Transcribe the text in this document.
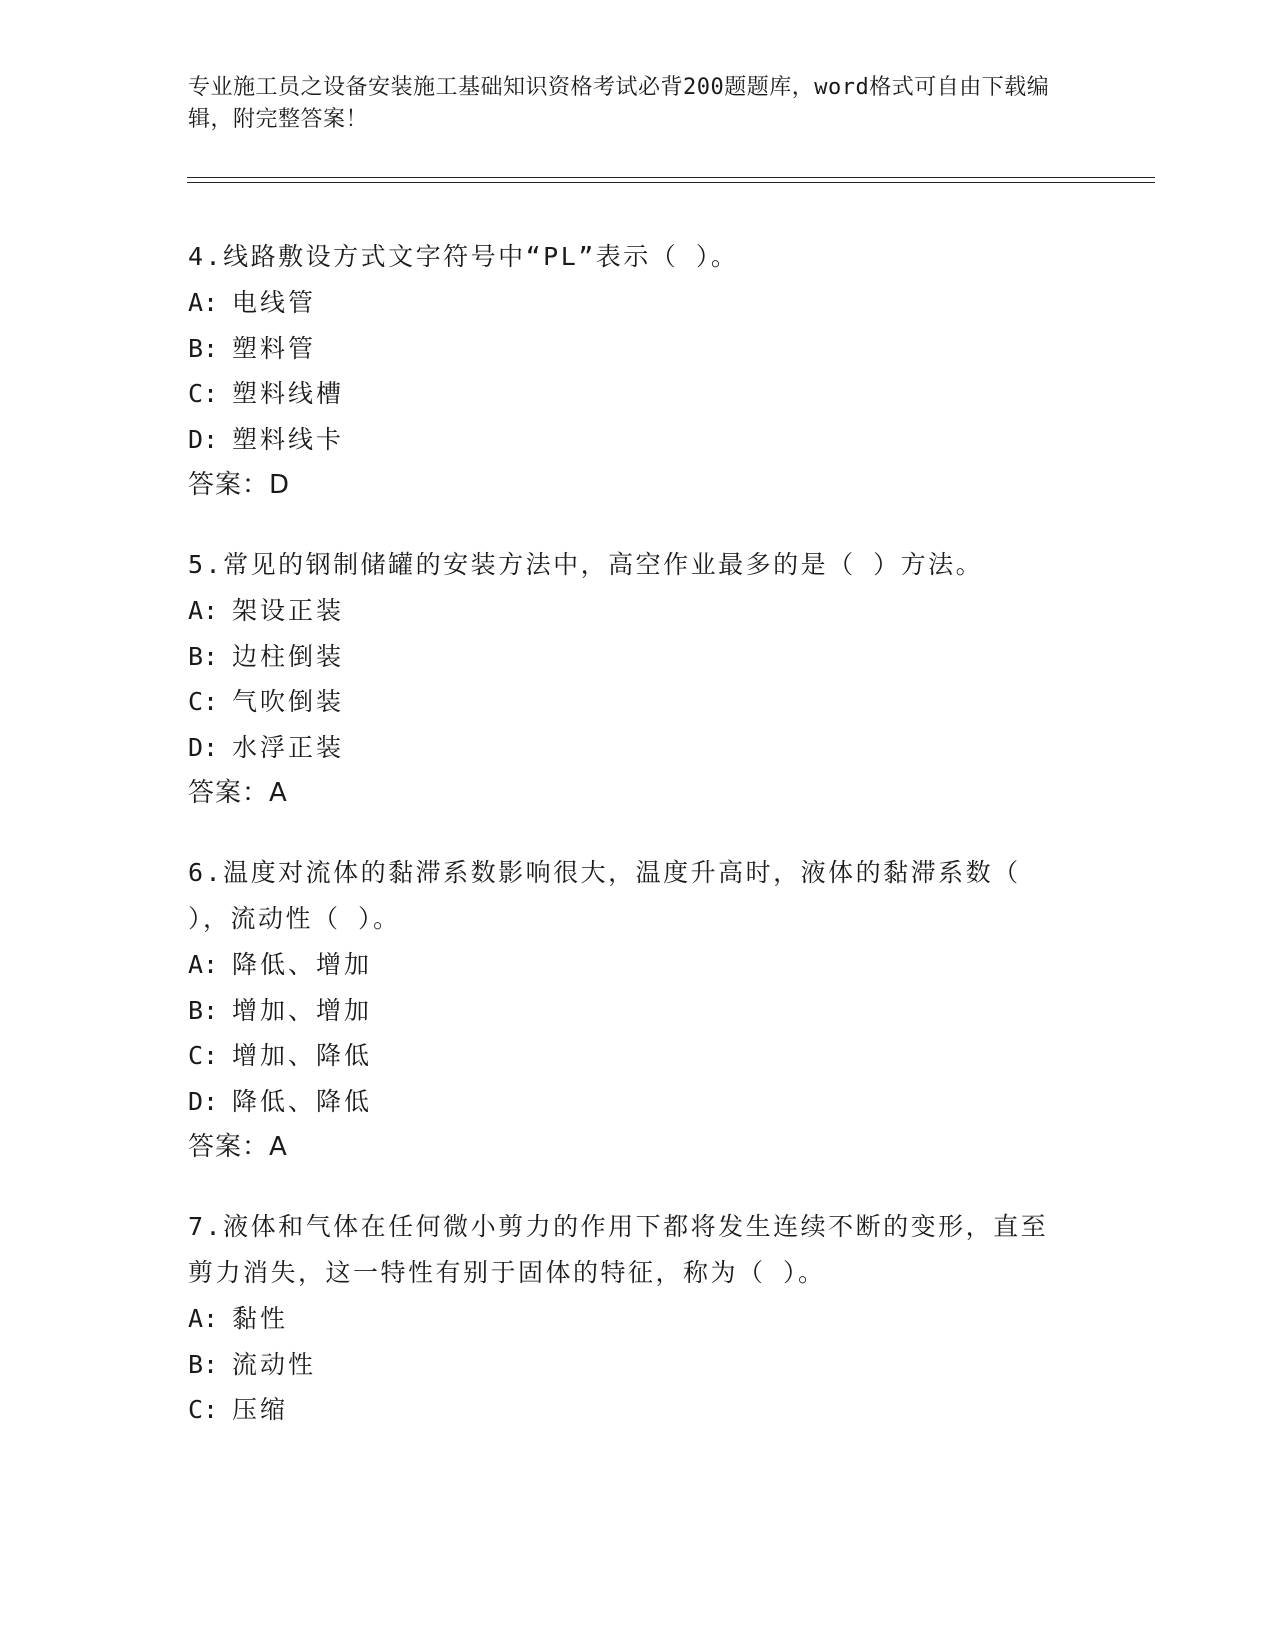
专业施工员之设备安装施工基础知识资格考试必背200题题库，word格式可自由下载编辑，附完整答案！
4.线路敷设方式文字符号中“PL”表示（ ）。
A: 电线管
B: 塑料管
C: 塑料线槽
D: 塑料线卡
答案：D
5.常见的钢制储罐的安装方法中，高空作业最多的是（ ）方法。
A: 架设正装
B: 边柱倒装
C: 气吹倒装
D: 水浮正装
答案：A
6.温度对流体的黏滞系数影响很大，温度升高时，液体的黏滞系数（ ），流动性（ ）。
A: 降低、增加
B: 增加、增加
C: 增加、降低
D: 降低、降低
答案：A
7.液体和气体在任何微小剪力的作用下都将发生连续不断的变形，直至剪力消失，这一特性有别于固体的特征，称为（ ）。
A: 黏性
B: 流动性
C: 压缩
